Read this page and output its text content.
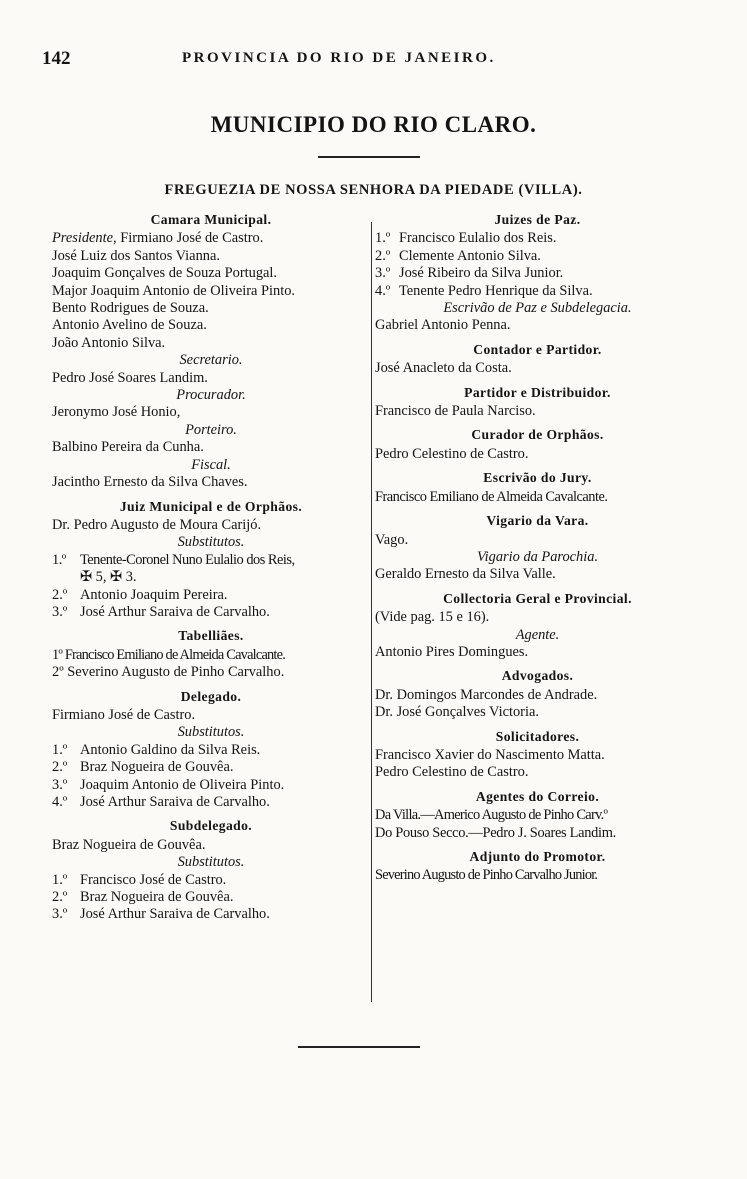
142	PROVINCIA DO RIO DE JANEIRO.
MUNICIPIO DO RIO CLARO.
FREGUEZIA DE NOSSA SENHORA DA PIEDADE (VILLA).
Camara Municipal.
Presidente, Firmiano José de Castro.
José Luiz dos Santos Vianna.
Joaquim Gonçalves de Souza Portugal.
Major Joaquim Antonio de Oliveira Pinto.
Bento Rodrigues de Souza.
Antonio Avelino de Souza.
João Antonio Silva.
Secretario.
Pedro José Soares Landim.
Procurador.
Jeronymo José Honio,
Porteiro.
Balbino Pereira da Cunha.
Fiscal.
Jacintho Ernesto da Silva Chaves.
Juiz Municipal e de Orphãos.
Dr. Pedro Augusto de Moura Carijó.
Substitutos.
1.º Tenente-Coronel Nuno Eulalio dos Reis,
✠ 5, ✠ 3.
2.º Antonio Joaquim Pereira.
3.º José Arthur Saraiva de Carvalho.
Tabelliães.
1º Francisco Emiliano de Almeida Cavalcante.
2º Severino Augusto de Pinho Carvalho.
Delegado.
Firmiano José de Castro.
Substitutos.
1.º Antonio Galdino da Silva Reis.
2.º Braz Nogueira de Gouvêa.
3.º Joaquim Antonio de Oliveira Pinto.
4.º José Arthur Saraiva de Carvalho.
Subdelegado.
Braz Nogueira de Gouvêa.
Substitutos.
1.º Francisco José de Castro.
2.º Braz Nogueira de Gouvêa.
3.º José Arthur Saraiva de Carvalho.
Juizes de Paz.
1.º Francisco Eulalio dos Reis.
2.º Clemente Antonio Silva.
3.º José Ribeiro da Silva Junior.
4.º Tenente Pedro Henrique da Silva.
Escrivão de Paz e Subdelegacia.
Gabriel Antonio Penna.
Contador e Partidor.
José Anacleto da Costa.
Partidor e Distribuidor.
Francisco de Paula Narciso.
Curador de Orphãos.
Pedro Celestino de Castro.
Escrivão do Jury.
Francisco Emiliano de Almeida Cavalcante.
Vigario da Vara.
Vago.
Vigario da Parochia.
Geraldo Ernesto da Silva Valle.
Collectoria Geral e Provincial.
(Vide pag. 15 e 16).
Agente.
Antonio Pires Domingues.
Advogados.
Dr. Domingos Marcondes de Andrade.
Dr. José Gonçalves Victoria.
Solicitadores.
Francisco Xavier do Nascimento Matta.
Pedro Celestino de Castro.
Agentes do Correio.
Da Villa.—Americo Augusto de Pinho Carv.º
Do Pouso Secco.—Pedro J. Soares Landim.
Adjunto do Promotor.
Severino Augusto de Pinho Carvalho Junior.
